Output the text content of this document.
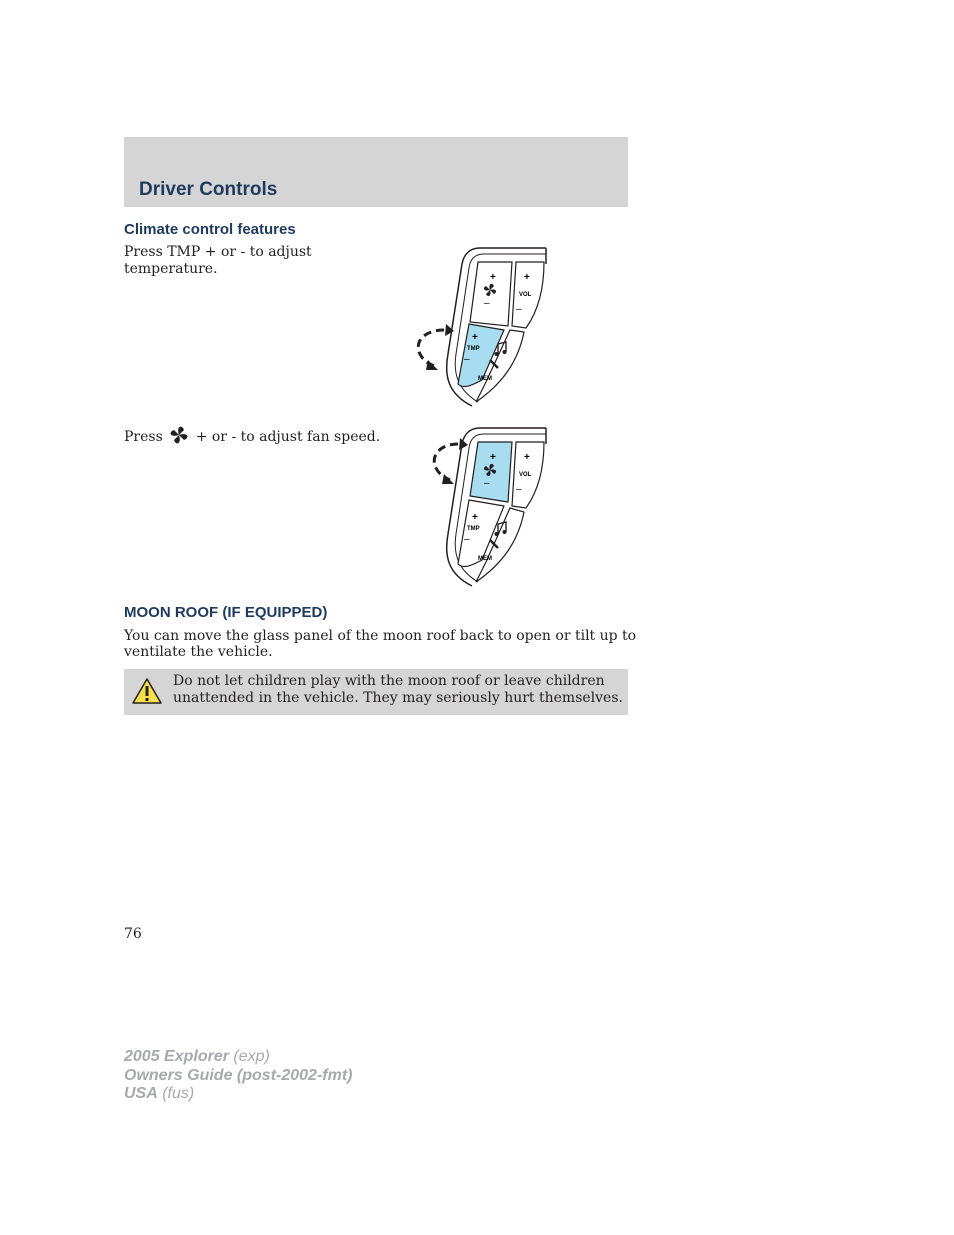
Driver Controls
Climate control features
Press TMP + or - to adjust
temperature.
+
–
+
VOL
–
+
TMP
–
MEM
Press + or - to adjust fan speed.
+
–
+
VOL
–
+
TMP
–
MEM
MOON ROOF (IF EQUIPPED)
You can move the glass panel of the moon roof back to open or tilt up to
ventilate the vehicle.
Do not let children play with the moon roof or leave children
unattended in the vehicle. They may seriously hurt themselves.
76
2005 Explorer (exp)
Owners Guide (post-2002-fmt)
USA (fus)
